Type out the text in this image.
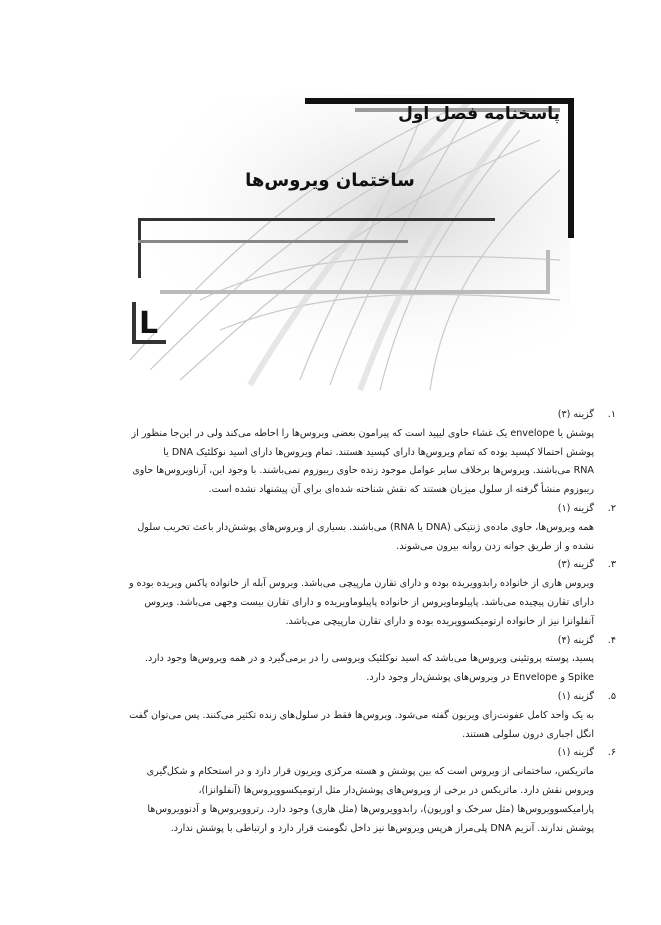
پاسخنامه فصل اول
ساختمان ویروس‌ها
L
۱.
گزینه (۳)

پوشش یا envelope یک غشاء حاوی لیپید است که پیرامون بعضی ویروس‌ها را احاطه می‌کند ولی در این‌جا منظور از

پوشش احتمالا کپسید بوده که تمام ویروس‌ها دارای کپسید هستند. تمام ویروس‌ها دارای اسید نوکلئیک DNA یا

RNA می‌باشند. ویروس‌ها برخلاف سایر عوامل موجود زنده حاوی ریبوزوم نمی‌باشند. با وجود این، آرناویروس‌ها حاوی

ریبوزوم منشأ گرفته از سلول میزبان هستند که نقش شناخته شده‌ای برای آن پیشنهاد نشده است.

۲.
گزینه (۱)

همه ویروس‌ها، حاوی ماده‌ی ژنتیکی (DNA یا RNA) می‌باشند. بسیاری از ویروس‌های پوشش‌دار باعث تخریب سلول

نشده و از طریق جوانه زدن روانه بیرون می‌شوند.

۳.
گزینه (۳)

ویروس هاری از خانواده رابدوویریده بوده و دارای تقارن مارپیچی می‌باشد. ویروس آبله از خانواده پاکس ویریده بوده و

دارای تقارن پیچیده می‌باشد. پاپیلوماویروس از خانواده پاپیلوماویریده و دارای تقارن بیست وجهی می‌باشد. ویروس

آنفلوانزا نیز از خانواده ارتومیکسوویریده بوده و دارای تقارن مارپیچی می‌باشد.

۴.
گزینه (۴)

پسید، پوسته پروتئینی ویروس‌ها می‌باشد که اسید نوکلئیک ویروسی را در برمی‌گیرد و در همه ویروس‌ها وجود دارد.

Spike و Envelope در ویروس‌های پوشش‌دار وجود دارد.

۵.
گزینه (۱)

به یک واحد کامل عفونت‌زای ویریون گفته می‌شود. ویروس‌ها فقط در سلول‌های زنده تکثیر می‌کنند. پس می‌توان گفت

انگل اجباری درون سلولی هستند.

۶.
گزینه (۱)

ماتریکس، ساختمانی از ویروس است که بین پوشش و هسته مرکزی ویریون قرار دارد و در استحکام و شکل‌گیری

ویروس نقش دارد. ماتریکس در برخی از ویروس‌های پوشش‌دار مثل ارتومیکسوویروس‌ها (آنفلوانزا)،

پارامیکسوویروس‌ها (مثل سرخک و اوریون)، رابدوویروس‌ها (مثل هاری) وجود دارد. رتروویروس‌ها و آدنوویروس‌ها

پوشش ندارند. آنزیم DNA پلی‌مراز هرپس ویروس‌ها نیز داخل تگومنت قرار دارد و ارتباطی با پوشش ندارد.
